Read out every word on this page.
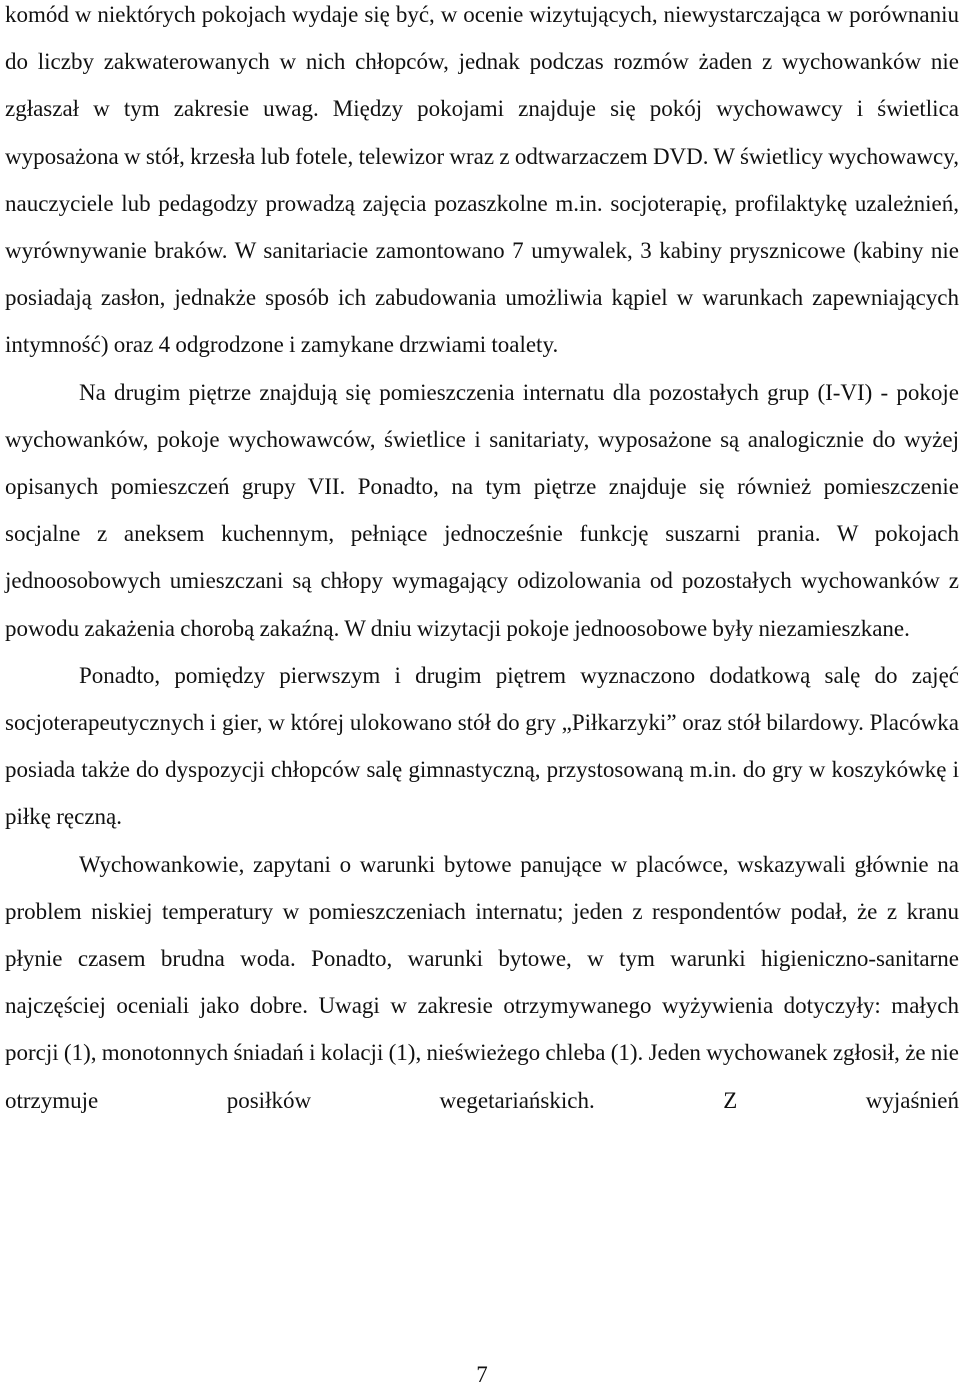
komód w niektórych pokojach wydaje się być, w ocenie wizytujących, niewystarczająca w porównaniu do liczby zakwaterowanych w nich chłopców, jednak podczas rozmów żaden z wychowanków nie zgłaszał w tym zakresie uwag. Między pokojami znajduje się pokój wychowawcy i świetlica wyposażona w stół, krzesła lub fotele, telewizor wraz z odtwarzaczem DVD. W świetlicy wychowawcy, nauczyciele lub pedagodzy prowadzą zajęcia pozaszkolne m.in. socjoterapię, profilaktykę uzależnień, wyrównywanie braków. W sanitariacie zamontowano 7 umywalek, 3 kabiny prysznicowe (kabiny nie posiadają zasłon, jednakże sposób ich zabudowania umożliwia kąpiel w warunkach zapewniających intymność) oraz 4 odgrodzone i zamykane drzwiami toalety.

Na drugim piętrze znajdują się pomieszczenia internatu dla pozostałych grup (I-VI) - pokoje wychowanków, pokoje wychowawców, świetlice i sanitariaty, wyposażone są analogicznie do wyżej opisanych pomieszczeń grupy VII. Ponadto, na tym piętrze znajduje się również pomieszczenie socjalne z aneksem kuchennym, pełniące jednocześnie funkcję suszarni prania. W pokojach jednoosobowych umieszczani są chłopy wymagający odizolowania od pozostałych wychowanków z powodu zakażenia chorobą zakaźną. W dniu wizytacji pokoje jednoosobowe były niezamieszkane.

Ponadto, pomiędzy pierwszym i drugim piętrem wyznaczono dodatkową salę do zajęć socjoterapeutycznych i gier, w której ulokowano stół do gry „Piłkarzyki” oraz stół bilardowy. Placówka posiada także do dyspozycji chłopców salę gimnastyczną, przystosowaną m.in. do gry w koszykówkę i piłkę ręczną.

Wychowankowie, zapytani o warunki bytowe panujące w placówce, wskazywali głównie na problem niskiej temperatury w pomieszczeniach internatu; jeden z respondentów podał, że z kranu płynie czasem brudna woda. Ponadto, warunki bytowe, w tym warunki higieniczno-sanitarne najczęściej oceniali jako dobre. Uwagi w zakresie otrzymywanego wyżywienia dotyczyły: małych porcji (1), monotonnych śniadań i kolacji (1), nieświeżego chleba (1). Jeden wychowanek zgłosił, że nie otrzymuje posiłków wegetariańskich. Z wyjaśnień

7
